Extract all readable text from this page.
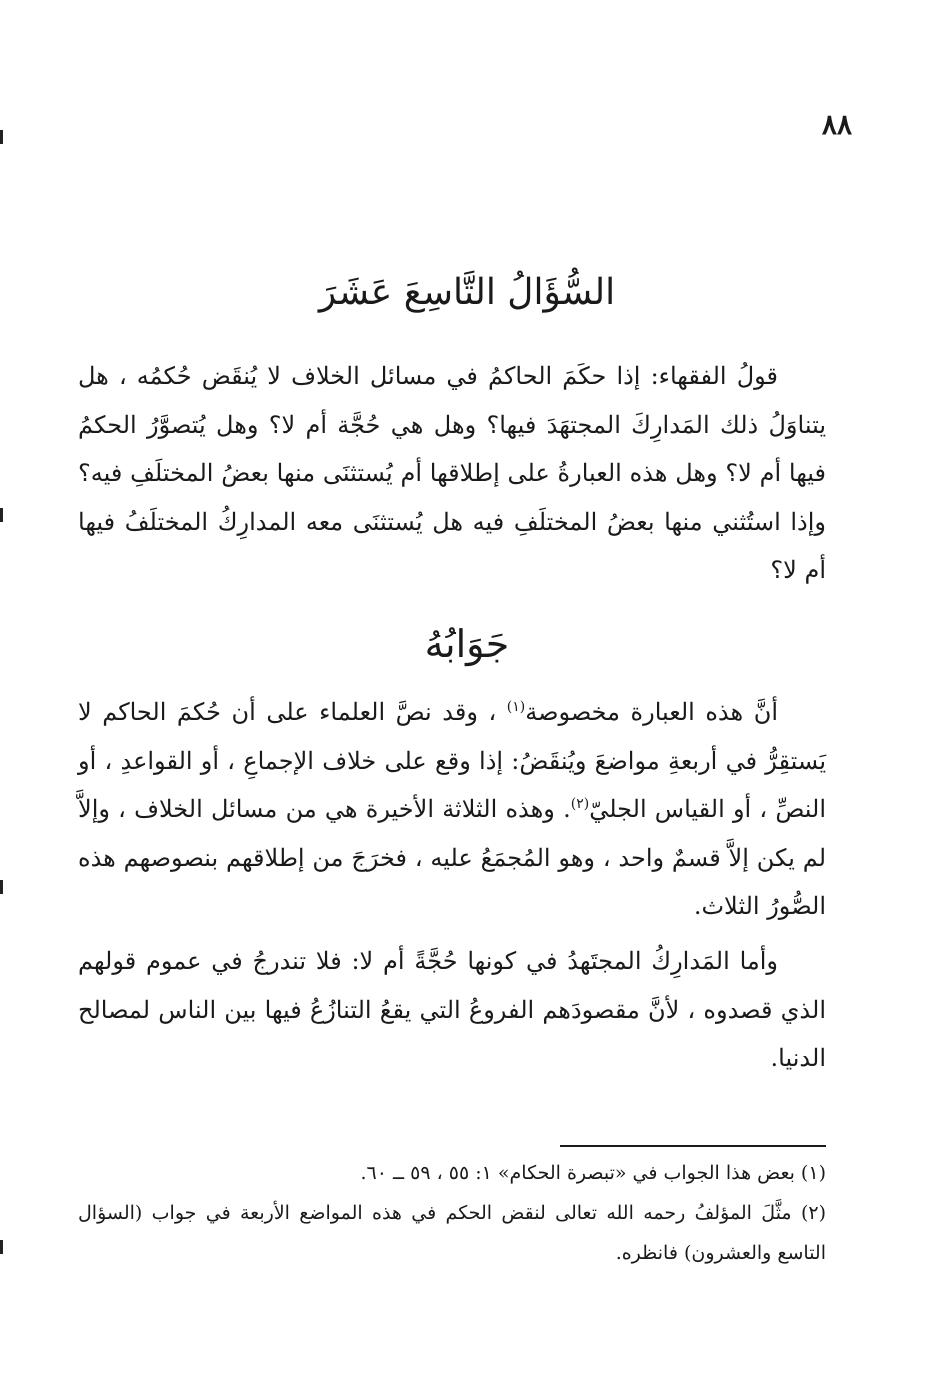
٨٨
السُّؤَالُ التَّاسِعَ عَشَرَ
قولُ الفقهاء: إذا حكَمَ الحاكمُ في مسائل الخلاف لا يُنقَض حُكمُه ، هل يتناوَلُ ذلك المَدارِكَ المجتهَدَ فيها؟ وهل هي حُجَّة أم لا؟ وهل يُتصوَّرُ الحكمُ فيها أم لا؟ وهل هذه العبارةُ على إطلاقها أم يُستثنَى منها بعضُ المختلَفِ فيه؟ وإذا استُثني منها بعضُ المختلَفِ فيه هل يُستثنَى معه المدارِكُ المختلَفُ فيها أم لا؟
جَوَابُهُ
أنَّ هذه العبارة مخصوصة$^{(١)}$ ، وقد نصَّ العلماء على أن حُكمَ الحاكم لا يَستقِرُّ في أربعةِ مواضعَ ويُنقَضُ: إذا وقع على خلاف الإجماعِ ، أو القواعدِ ، أو النصِّ ، أو القياس الجليّ$^{(٢)}$. وهذه الثلاثة الأخيرة هي من مسائل الخلاف ، وإلاَّ لم يكن إلاَّ قسمٌ واحد ، وهو المُجمَعُ عليه ، فخرَجَ من إطلاقهم بنصوصهم هذه الصُّورُ الثلاث.
وأما المَدارِكُ المجتَهدُ في كونها حُجَّةً أم لا: فلا تندرجُ في عموم قولهم الذي قصدوه ، لأنَّ مقصودَهم الفروعُ التي يقعُ التنازُعُ فيها بين الناس لمصالح الدنيا.

(١) بعض هذا الجواب في «تبصرة الحكام» ١: ٥٥ ، ٥٩ ــ ٦٠.

(٢) مثَّلَ المؤلفُ رحمه الله تعالى لنقض الحكم في هذه المواضع الأربعة في جواب (السؤال التاسع والعشرون) فانظره.
